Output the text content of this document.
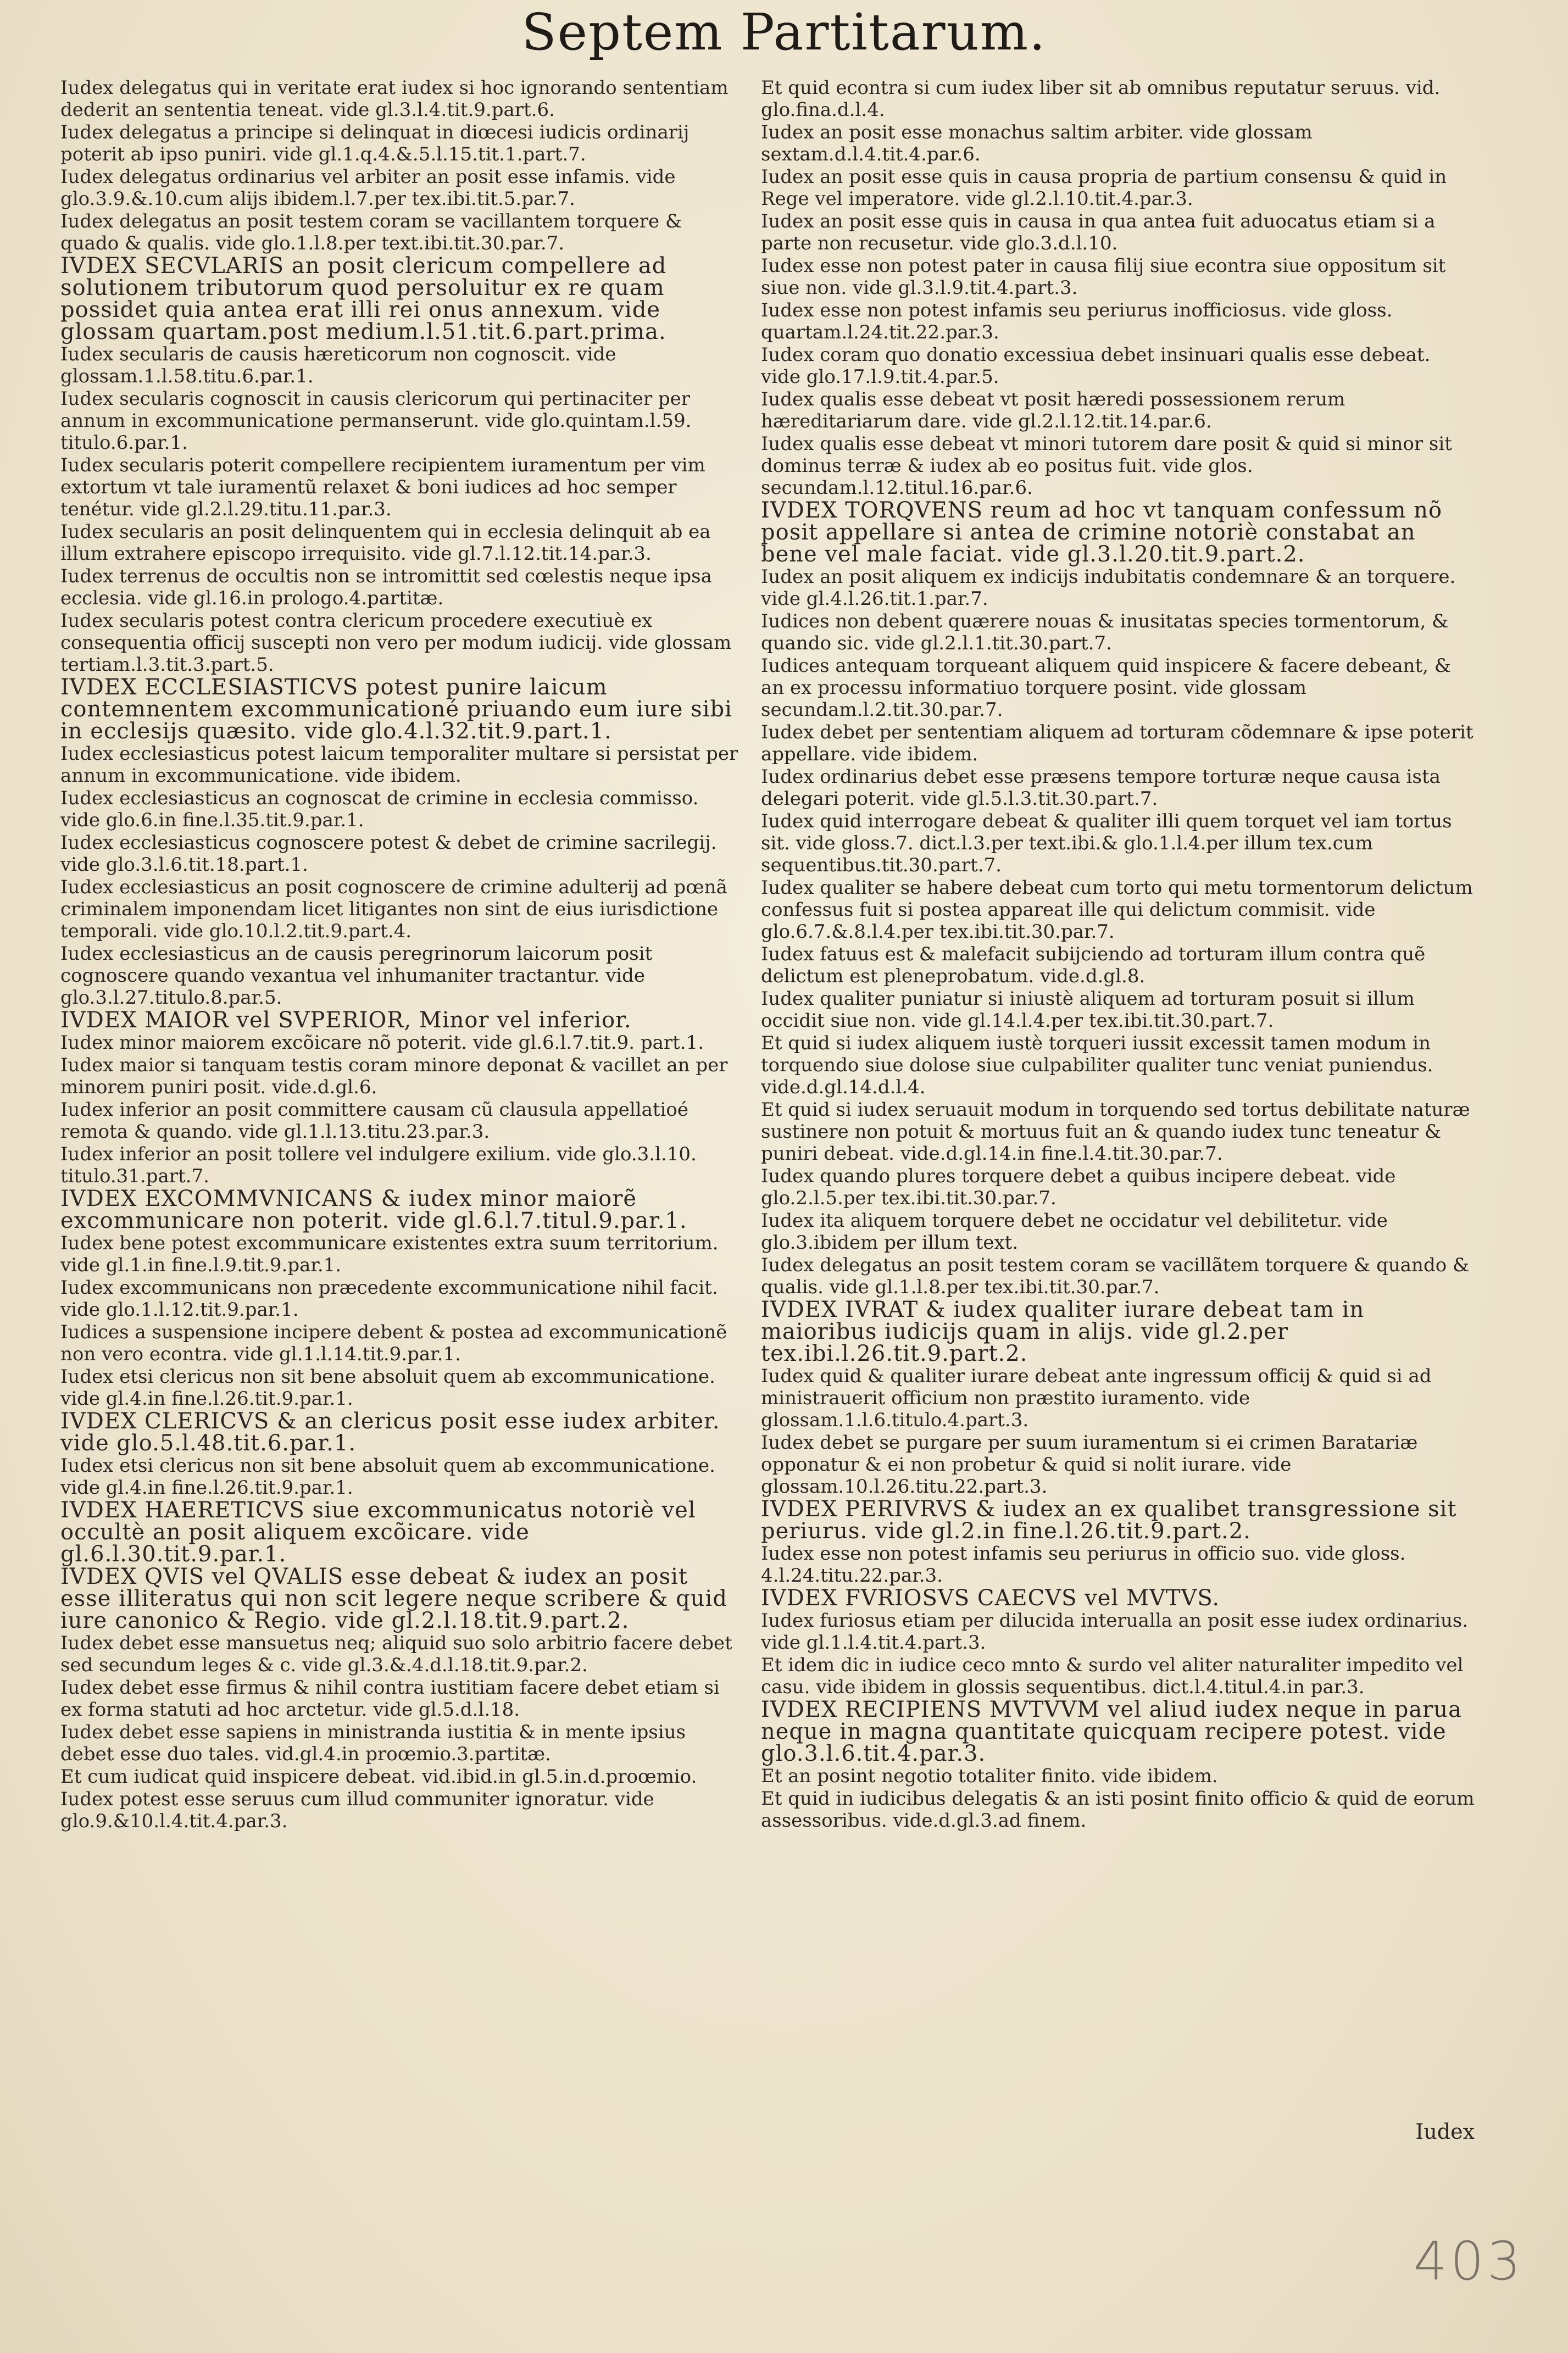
Septem Partitarum.
Iudex delegatus qui in veritate erat iudex si hoc ignorando sententiam dederit an sententia teneat. vide gl.3.l.4.tit.9.part.6.
Iudex delegatus a principe si delinquat in diœcesi iudicis ordinarij poterit ab ipso puniri. vide gl.1.q.4.&.5.l.15.tit.1.part.7.
Iudex delegatus ordinarius vel arbiter an posit esse infamis. vide glo.3.9.&.10.cum alijs ibidem.l.7.per tex.ibi.tit.5.par.7.
Iudex delegatus an posit testem coram se vacillantem torquere & quado & qualis. vide glo.1.l.8.per text.ibi.tit.30.par.7.
IVDEX SECVLARIS an posit clericum compellere ad solutionem tributorum quod persoluitur ex re quam possidet quia antea erat illi rei onus annexum. vide glossam quartam.post medium.l.51.tit.6.part.prima.
Iudex secularis de causis hæreticorum non cognoscit. vide glossam.1.l.58.titu.6.par.1.
Iudex secularis cognoscit in causis clericorum qui pertinaciter per annum in excommunicatione permanserunt. vide glo.quintam.l.59. titulo.6.par.1.
Iudex secularis poterit compellere recipientem iuramentum per vim extortum vt tale iuramentũ relaxet & boni iudices ad hoc semper tenétur. vide gl.2.l.29.titu.11.par.3.
Iudex secularis an posit delinquentem qui in ecclesia delinquit ab ea illum extrahere episcopo irrequisito. vide gl.7.l.12.tit.14.par.3.
Iudex terrenus de occultis non se intromittit sed cœlestis neque ipsa ecclesia. vide gl.16.in prologo.4.partitæ.
Iudex secularis potest contra clericum procedere executiuè ex consequentia officij suscepti non vero per modum iudicij. vide glossam tertiam.l.3.tit.3.part.5.
IVDEX ECCLESIASTICVS potest punire laicum contemnentem excommunicationé priuando eum iure sibi in ecclesijs quæsito. vide glo.4.l.32.tit.9.part.1.
Iudex ecclesiasticus potest laicum temporaliter multare si persistat per annum in excommunicatione. vide ibidem.
Iudex ecclesiasticus an cognoscat de crimine in ecclesia commisso. vide glo.6.in fine.l.35.tit.9.par.1.
Iudex ecclesiasticus cognoscere potest & debet de crimine sacrilegij. vide glo.3.l.6.tit.18.part.1.
Iudex ecclesiasticus an posit cognoscere de crimine adulterij ad pœnã criminalem imponendam licet litigantes non sint de eius iurisdictione temporali. vide glo.10.l.2.tit.9.part.4.
Iudex ecclesiasticus an de causis peregrinorum laicorum posit cognoscere quando vexantua vel inhumaniter tractantur. vide glo.3.l.27.titulo.8.par.5.
IVDEX MAIOR vel SVPERIOR, Minor vel inferior.
Iudex minor maiorem excõicare nõ poterit. vide gl.6.l.7.tit.9. part.1.
Iudex maior si tanquam testis coram minore deponat & vacillet an per minorem puniri posit. vide.d.gl.6.
Iudex inferior an posit committere causam cũ clausula appellatioé remota & quando. vide gl.1.l.13.titu.23.par.3.
Iudex inferior an posit tollere vel indulgere exilium. vide glo.3.l.10. titulo.31.part.7.
IVDEX EXCOMMVNICANS & iudex minor maiorẽ excommunicare non poterit. vide gl.6.l.7.titul.9.par.1.
Iudex bene potest excommunicare existentes extra suum territorium. vide gl.1.in fine.l.9.tit.9.par.1.
Iudex excommunicans non præcedente excommunicatione nihil facit. vide glo.1.l.12.tit.9.par.1.
Iudices a suspensione incipere debent & postea ad excommunicationẽ non vero econtra. vide gl.1.l.14.tit.9.par.1.
Iudex etsi clericus non sit bene absoluit quem ab excommunicatione. vide gl.4.in fine.l.26.tit.9.par.1.
IVDEX CLERICVS & an clericus posit esse iudex arbiter. vide glo.5.l.48.tit.6.par.1.
Iudex etsi clericus non sit bene absoluit quem ab excommunicatione. vide gl.4.in fine.l.26.tit.9.par.1.
IVDEX HAERETICVS siue excommunicatus notoriè vel occultè an posit aliquem excõicare. vide gl.6.l.30.tit.9.par.1.
IVDEX QVIS vel QVALIS esse debeat & iudex an posit esse illiteratus qui non scit legere neque scribere & quid iure canonico & Regio. vide gl.2.l.18.tit.9.part.2.
Iudex debet esse mansuetus neq; aliquid suo solo arbitrio facere debet sed secundum leges & c. vide gl.3.&.4.d.l.18.tit.9.par.2.
Iudex debet esse firmus & nihil contra iustitiam facere debet etiam si ex forma statuti ad hoc arctetur. vide gl.5.d.l.18.
Iudex debet esse sapiens in ministranda iustitia & in mente ipsius debet esse duo tales. vid.gl.4.in proœmio.3.partitæ.
Et cum iudicat quid inspicere debeat. vid.ibid.in gl.5.in.d.proœmio.
Iudex potest esse seruus cum illud communiter ignoratur. vide glo.9.&10.l.4.tit.4.par.3.
Et quid econtra si cum iudex liber sit ab omnibus reputatur seruus. vid. glo.fina.d.l.4.
Iudex an posit esse monachus saltim arbiter. vide glossam sextam.d.l.4.tit.4.par.6.
Iudex an posit esse quis in causa propria de partium consensu & quid in Rege vel imperatore. vide gl.2.l.10.tit.4.par.3.
Iudex an posit esse quis in causa in qua antea fuit aduocatus etiam si a parte non recusetur. vide glo.3.d.l.10.
Iudex esse non potest pater in causa filij siue econtra siue oppositum sit siue non. vide gl.3.l.9.tit.4.part.3.
Iudex esse non potest infamis seu periurus inofficiosus. vide gloss. quartam.l.24.tit.22.par.3.
Iudex coram quo donatio excessiua debet insinuari qualis esse debeat. vide glo.17.l.9.tit.4.par.5.
Iudex qualis esse debeat vt posit hæredi possessionem rerum hæreditariarum dare. vide gl.2.l.12.tit.14.par.6.
Iudex qualis esse debeat vt minori tutorem dare posit & quid si minor sit dominus terræ & iudex ab eo positus fuit. vide glos. secundam.l.12.titul.16.par.6.
IVDEX TORQVENS reum ad hoc vt tanquam confessum nõ posit appellare si antea de crimine notoriè constabat an bene vel male faciat. vide gl.3.l.20.tit.9.part.2.
Iudex an posit aliquem ex indicijs indubitatis condemnare & an torquere. vide gl.4.l.26.tit.1.par.7.
Iudices non debent quærere nouas & inusitatas species tormentorum, & quando sic. vide gl.2.l.1.tit.30.part.7.
Iudices antequam torqueant aliquem quid inspicere & facere debeant, & an ex processu informatiuo torquere posint. vide glossam secundam.l.2.tit.30.par.7.
Iudex debet per sententiam aliquem ad torturam cõdemnare & ipse poterit appellare. vide ibidem.
Iudex ordinarius debet esse præsens tempore torturæ neque causa ista delegari poterit. vide gl.5.l.3.tit.30.part.7.
Iudex quid interrogare debeat & qualiter illi quem torquet vel iam tortus sit. vide gloss.7. dict.l.3.per text.ibi.& glo.1.l.4.per illum tex.cum sequentibus.tit.30.part.7.
Iudex qualiter se habere debeat cum torto qui metu tormentorum delictum confessus fuit si postea appareat ille qui delictum commisit. vide glo.6.7.&.8.l.4.per tex.ibi.tit.30.par.7.
Iudex fatuus est & malefacit subijciendo ad torturam illum contra quẽ delictum est pleneprobatum. vide.d.gl.8.
Iudex qualiter puniatur si iniustè aliquem ad torturam posuit si illum occidit siue non. vide gl.14.l.4.per tex.ibi.tit.30.part.7.
Et quid si iudex aliquem iustè torqueri iussit excessit tamen modum in torquendo siue dolose siue culpabiliter qualiter tunc veniat puniendus. vide.d.gl.14.d.l.4.
Et quid si iudex seruauit modum in torquendo sed tortus debilitate naturæ sustinere non potuit & mortuus fuit an & quando iudex tunc teneatur & puniri debeat. vide.d.gl.14.in fine.l.4.tit.30.par.7.
Iudex quando plures torquere debet a quibus incipere debeat. vide glo.2.l.5.per tex.ibi.tit.30.par.7.
Iudex ita aliquem torquere debet ne occidatur vel debilitetur. vide glo.3.ibidem per illum text.
Iudex delegatus an posit testem coram se vacillãtem torquere & quando & qualis. vide gl.1.l.8.per tex.ibi.tit.30.par.7.
IVDEX IVRAT & iudex qualiter iurare debeat tam in maioribus iudicijs quam in alijs. vide gl.2.per tex.ibi.l.26.tit.9.part.2.
Iudex quid & qualiter iurare debeat ante ingressum officij & quid si ad ministrauerit officium non præstito iuramento. vide glossam.1.l.6.titulo.4.part.3.
Iudex debet se purgare per suum iuramentum si ei crimen Baratariæ opponatur & ei non probetur & quid si nolit iurare. vide glossam.10.l.26.titu.22.part.3.
IVDEX PERIVRVS & iudex an ex qualibet transgressione sit periurus. vide gl.2.in fine.l.26.tit.9.part.2.
Iudex esse non potest infamis seu periurus in officio suo. vide gloss. 4.l.24.titu.22.par.3.
IVDEX FVRIOSVS CAECVS vel MVTVS.
Iudex furiosus etiam per dilucida interualla an posit esse iudex ordinarius. vide gl.1.l.4.tit.4.part.3.
Et idem dic in iudice ceco mnto & surdo vel aliter naturaliter impedito vel casu. vide ibidem in glossis sequentibus. dict.l.4.titul.4.in par.3.
IVDEX RECIPIENS MVTVVM vel aliud iudex neque in parua neque in magna quantitate quicquam recipere potest. vide glo.3.l.6.tit.4.par.3.
Et an posint negotio totaliter finito. vide ibidem.
Et quid in iudicibus delegatis & an isti posint finito officio & quid de eorum assessoribus. vide.d.gl.3.ad finem.
Iudex
403
